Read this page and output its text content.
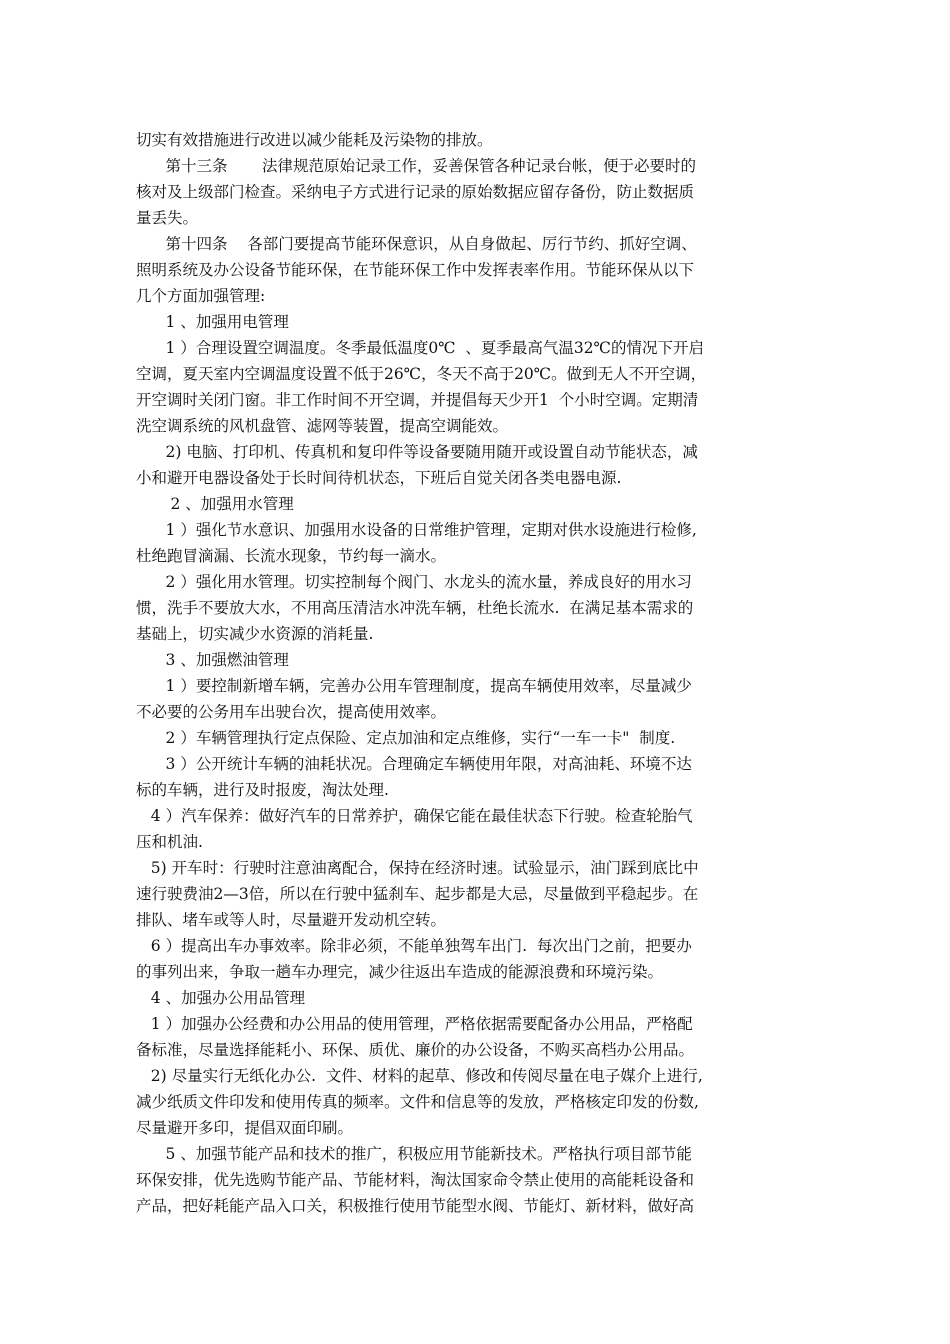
切实有效措施进行改进以减少能耗及污染物的排放。
第十三条       法律规范原始记录工作，妥善保管各种记录台帐，便于必要时的
核对及上级部门检查。采纳电子方式进行记录的原始数据应留存备份，防止数据质
量丢失。
第十四条    各部门要提高节能环保意识，从自身做起、厉行节约、抓好空调、
照明系统及办公设备节能环保，在节能环保工作中发挥表率作用。节能环保从以下
几个方面加强管理:
1 、加强用电管理
1 ）合理设置空调温度。冬季最低温度0℃  、夏季最高气温32℃的情况下开启
空调，夏天室内空调温度设置不低于26℃，冬天不高于20℃。做到无人不开空调，
开空调时关闭门窗。非工作时间不开空调，并提倡每天少开1  个小时空调。定期清
洗空调系统的风机盘管、滤网等装置，提高空调能效。
2) 电脑、打印机、传真机和复印件等设备要随用随开或设置自动节能状态，减
小和避开电器设备处于长时间待机状态，下班后自觉关闭各类电器电源.
2 、加强用水管理
1 ）强化节水意识、加强用水设备的日常维护管理，定期对供水设施进行检修,
杜绝跑冒滴漏、长流水现象，节约每一滴水。
2 ）强化用水管理。切实控制每个阀门、水龙头的流水量，养成良好的用水习
惯，洗手不要放大水，不用高压清洁水冲洗车辆，杜绝长流水.  在满足基本需求的
基础上，切实减少水资源的消耗量.
3 、加强燃油管理
1 ）要控制新增车辆，完善办公用车管理制度，提高车辆使用效率，尽量减少
不必要的公务用车出驶台次，提高使用效率。
2 ）车辆管理执行定点保险、定点加油和定点维修，实行“一车一卡"  制度.
3 ）公开统计车辆的油耗状况。合理确定车辆使用年限，对高油耗、环境不达
标的车辆，进行及时报废，淘汰处理.
4 ）汽车保养：做好汽车的日常养护，确保它能在最佳状态下行驶。检查轮胎气
压和机油.
5) 开车时：行驶时注意油离配合，保持在经济时速。试验显示，油门踩到底比中
速行驶费油2—3倍，所以在行驶中猛刹车、起步都是大忌，尽量做到平稳起步。在
排队、堵车或等人时，尽量避开发动机空转。
6 ）提高出车办事效率。除非必须，不能单独驾车出门.  每次出门之前，把要办
的事列出来，争取一趟车办理完，减少往返出车造成的能源浪费和环境污染。
4 、加强办公用品管理
1 ）加强办公经费和办公用品的使用管理，严格依据需要配备办公用品，严格配
备标准，尽量选择能耗小、环保、质优、廉价的办公设备，不购买高档办公用品。
2) 尽量实行无纸化办公.  文件、材料的起草、修改和传阅尽量在电子媒介上进行,
减少纸质文件印发和使用传真的频率。文件和信息等的发放，严格核定印发的份数,
尽量避开多印，提倡双面印刷。
5 、加强节能产品和技术的推广，积极应用节能新技术。严格执行项目部节能
环保安排，优先选购节能产品、节能材料，淘汰国家命令禁止使用的高能耗设备和
产品，把好耗能产品入口关，积极推行使用节能型水阀、节能灯、新材料，做好高
